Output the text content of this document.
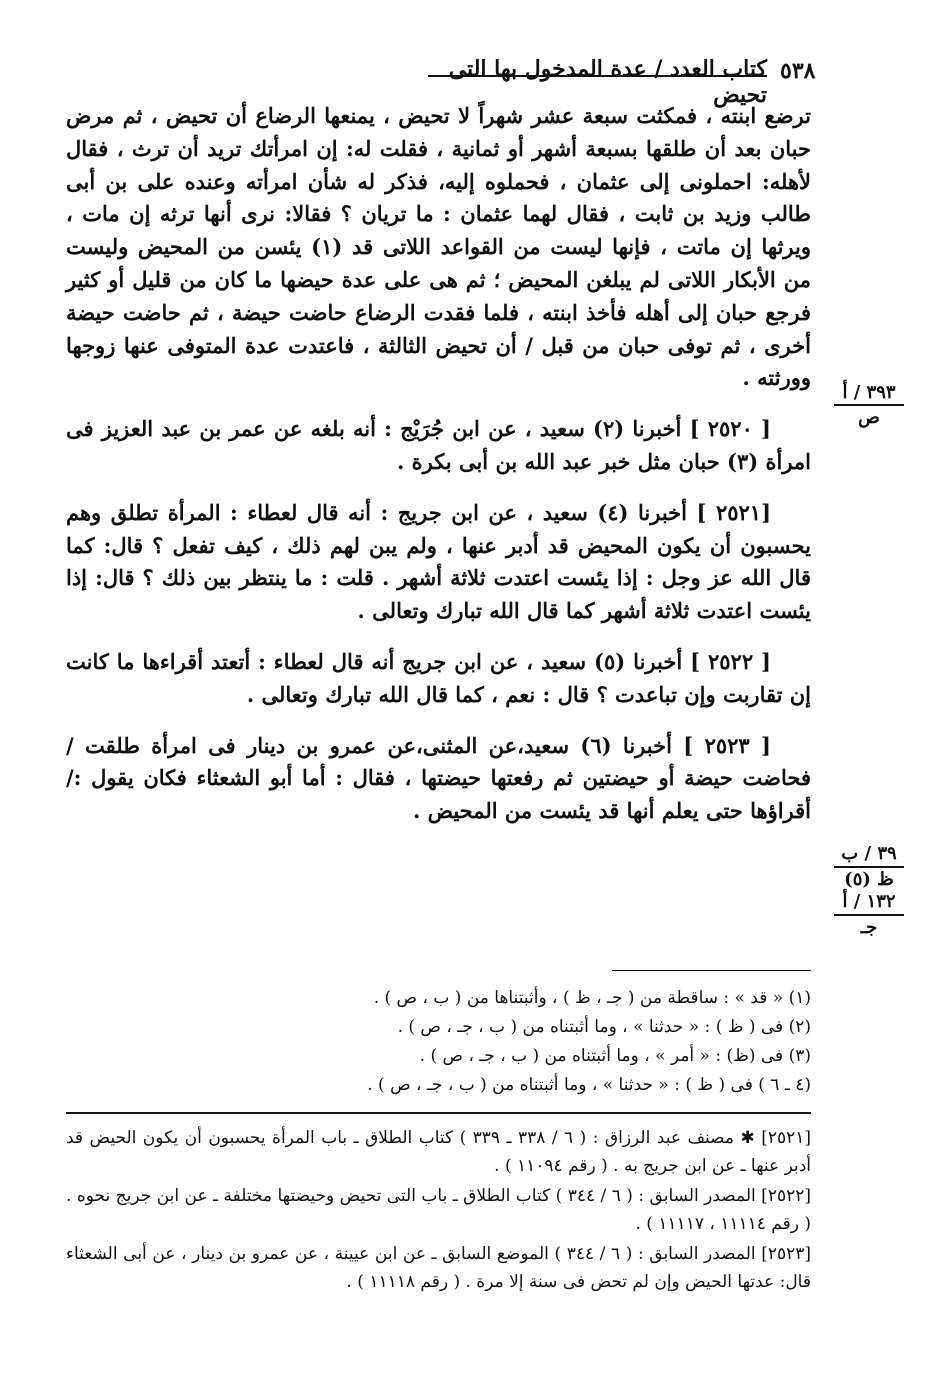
٥٣٨
كتاب العدد / عدة المدخول بها التى تحيض
٣٩٣ / أ
ص
٣٩ / ب
ظ (٥)
١٣٢ / أ
جـ

ترضع ابنته ، فمكثت سبعة عشر شهراً لا تحيض ، يمنعها الرضاع أن تحيض ، ثم مرض حبان بعد أن طلقها بسبعة أشهر أو ثمانية ، فقلت له: إن امرأتك تريد أن ترث ، فقال لأهله: احملونى إلى عثمان ، فحملوه إليه، فذكر له شأن امرأته وعنده على بن أبى طالب وزيد بن ثابت ، فقال لهما عثمان : ما تريان ؟ فقالا: نرى أنها ترثه إن مات ، ويرثها إن ماتت ، فإنها ليست من القواعد اللاتى قد (١) يئسن من المحيض وليست من الأبكار اللاتى لم يبلغن المحيض ؛ ثم هى على عدة حيضها ما كان من قليل أو كثير فرجع حبان إلى أهله فأخذ ابنته ، فلما فقدت الرضاع حاضت حيضة ، ثم حاضت حيضة أخرى ، ثم توفى حبان من قبل / أن تحيض الثالثة ، فاعتدت عدة المتوفى عنها زوجها وورثته .

[ ٢٥٢٠ ] أخبرنا (٢) سعيد ، عن ابن جُرَيْج : أنه بلغه عن عمر بن عبد العزيز فى امرأة (٣) حبان مثل خبر عبد الله بن أبى بكرة .

[٢٥٢١ ] أخبرنا (٤) سعيد ، عن ابن جريج : أنه قال لعطاء : المرأة تطلق وهم يحسبون أن يكون المحيض قد أدبر عنها ، ولم يبن لهم ذلك ، كيف تفعل ؟ قال: كما قال الله عز وجل : إذا يئست اعتدت ثلاثة أشهر . قلت : ما ينتظر بين ذلك ؟ قال: إذا يئست اعتدت ثلاثة أشهر كما قال الله تبارك وتعالى .

[ ٢٥٢٢ ] أخبرنا (٥) سعيد ، عن ابن جريج أنه قال لعطاء : أتعتد أقراءها ما كانت إن تقاربت وإن تباعدت ؟ قال : نعم ، كما قال الله تبارك وتعالى .

[ ٢٥٢٣ ] أخبرنا (٦) سعيد،عن المثنى،عن عمرو بن دينار فى امرأة طلقت / فحاضت حيضة أو حيضتين ثم رفعتها حيضتها ، فقال : أما أبو الشعثاء فكان يقول :/ أقراؤها حتى يعلم أنها قد يئست من المحيض .

(١) « قد » : ساقطة من ( جـ ، ظ ) ، وأثبتناها من ( ب ، ص ) .
(٢) فى ( ظ ) : « حدثنا » ، وما أثبتناه من ( ب ، جـ ، ص ) .
(٣) فى (ظ) : « أمر » ، وما أثبتناه من ( ب ، جـ ، ص ) .
(٤ ـ ٦ ) فى ( ظ ) : « حدثنا » ، وما أثبتناه من ( ب ، جـ ، ص ) .

[٢٥٢١] ✱ مصنف عبد الرزاق : ( ٦ / ٣٣٨ ـ ٣٣٩ ) كتاب الطلاق ـ باب المرأة يحسبون أن يكون الحيض قد أدبر عنها ـ عن ابن جريج به . ( رقم ١١٠٩٤ ) .

[٢٥٢٢] المصدر السابق : ( ٦ / ٣٤٤ ) كتاب الطلاق ـ باب التى تحيض وحيضتها مختلفة ـ عن ابن جريج نحوه . ( رقم ١١١١٤ ، ١١١١٧ ) .

[٢٥٢٣] المصدر السابق : ( ٦ / ٣٤٤ ) الموضع السابق ـ عن ابن عيينة ، عن عمرو بن دينار ، عن أبى الشعثاء قال: عدتها الحيض وإن لم تحض فى سنة إلا مرة . ( رقم ١١١١٨ ) .
